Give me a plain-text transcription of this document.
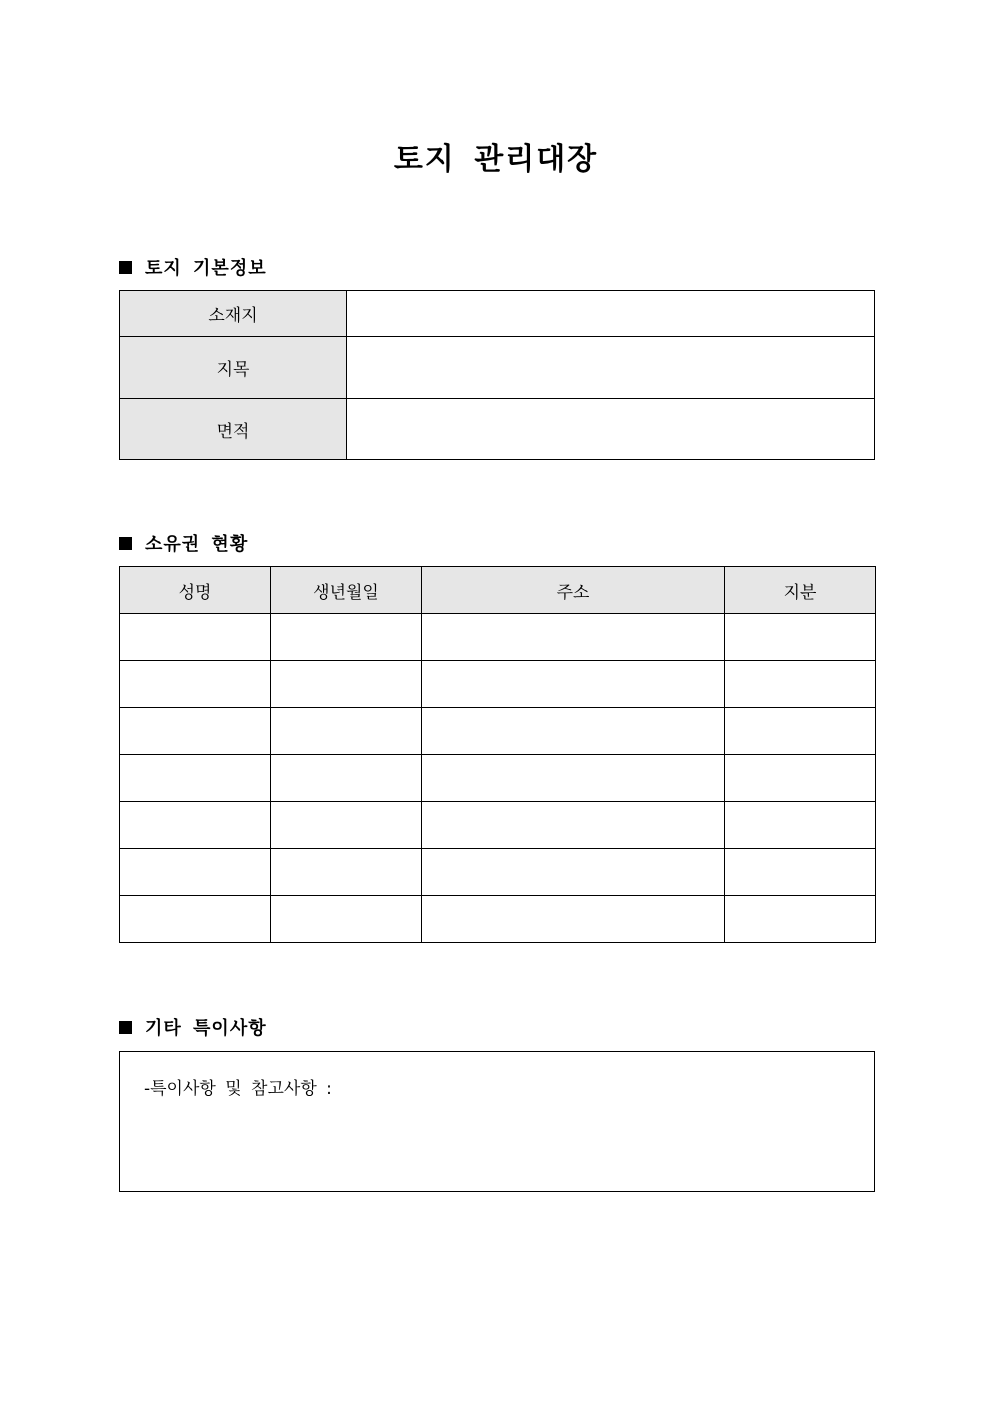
토지 관리대장
토지 기본정보
소재지	
지목	
면적	
소유권 현황
성명	생년월일	주소	지분

기타 특이사항
-특이사항 및 참고사항 :
